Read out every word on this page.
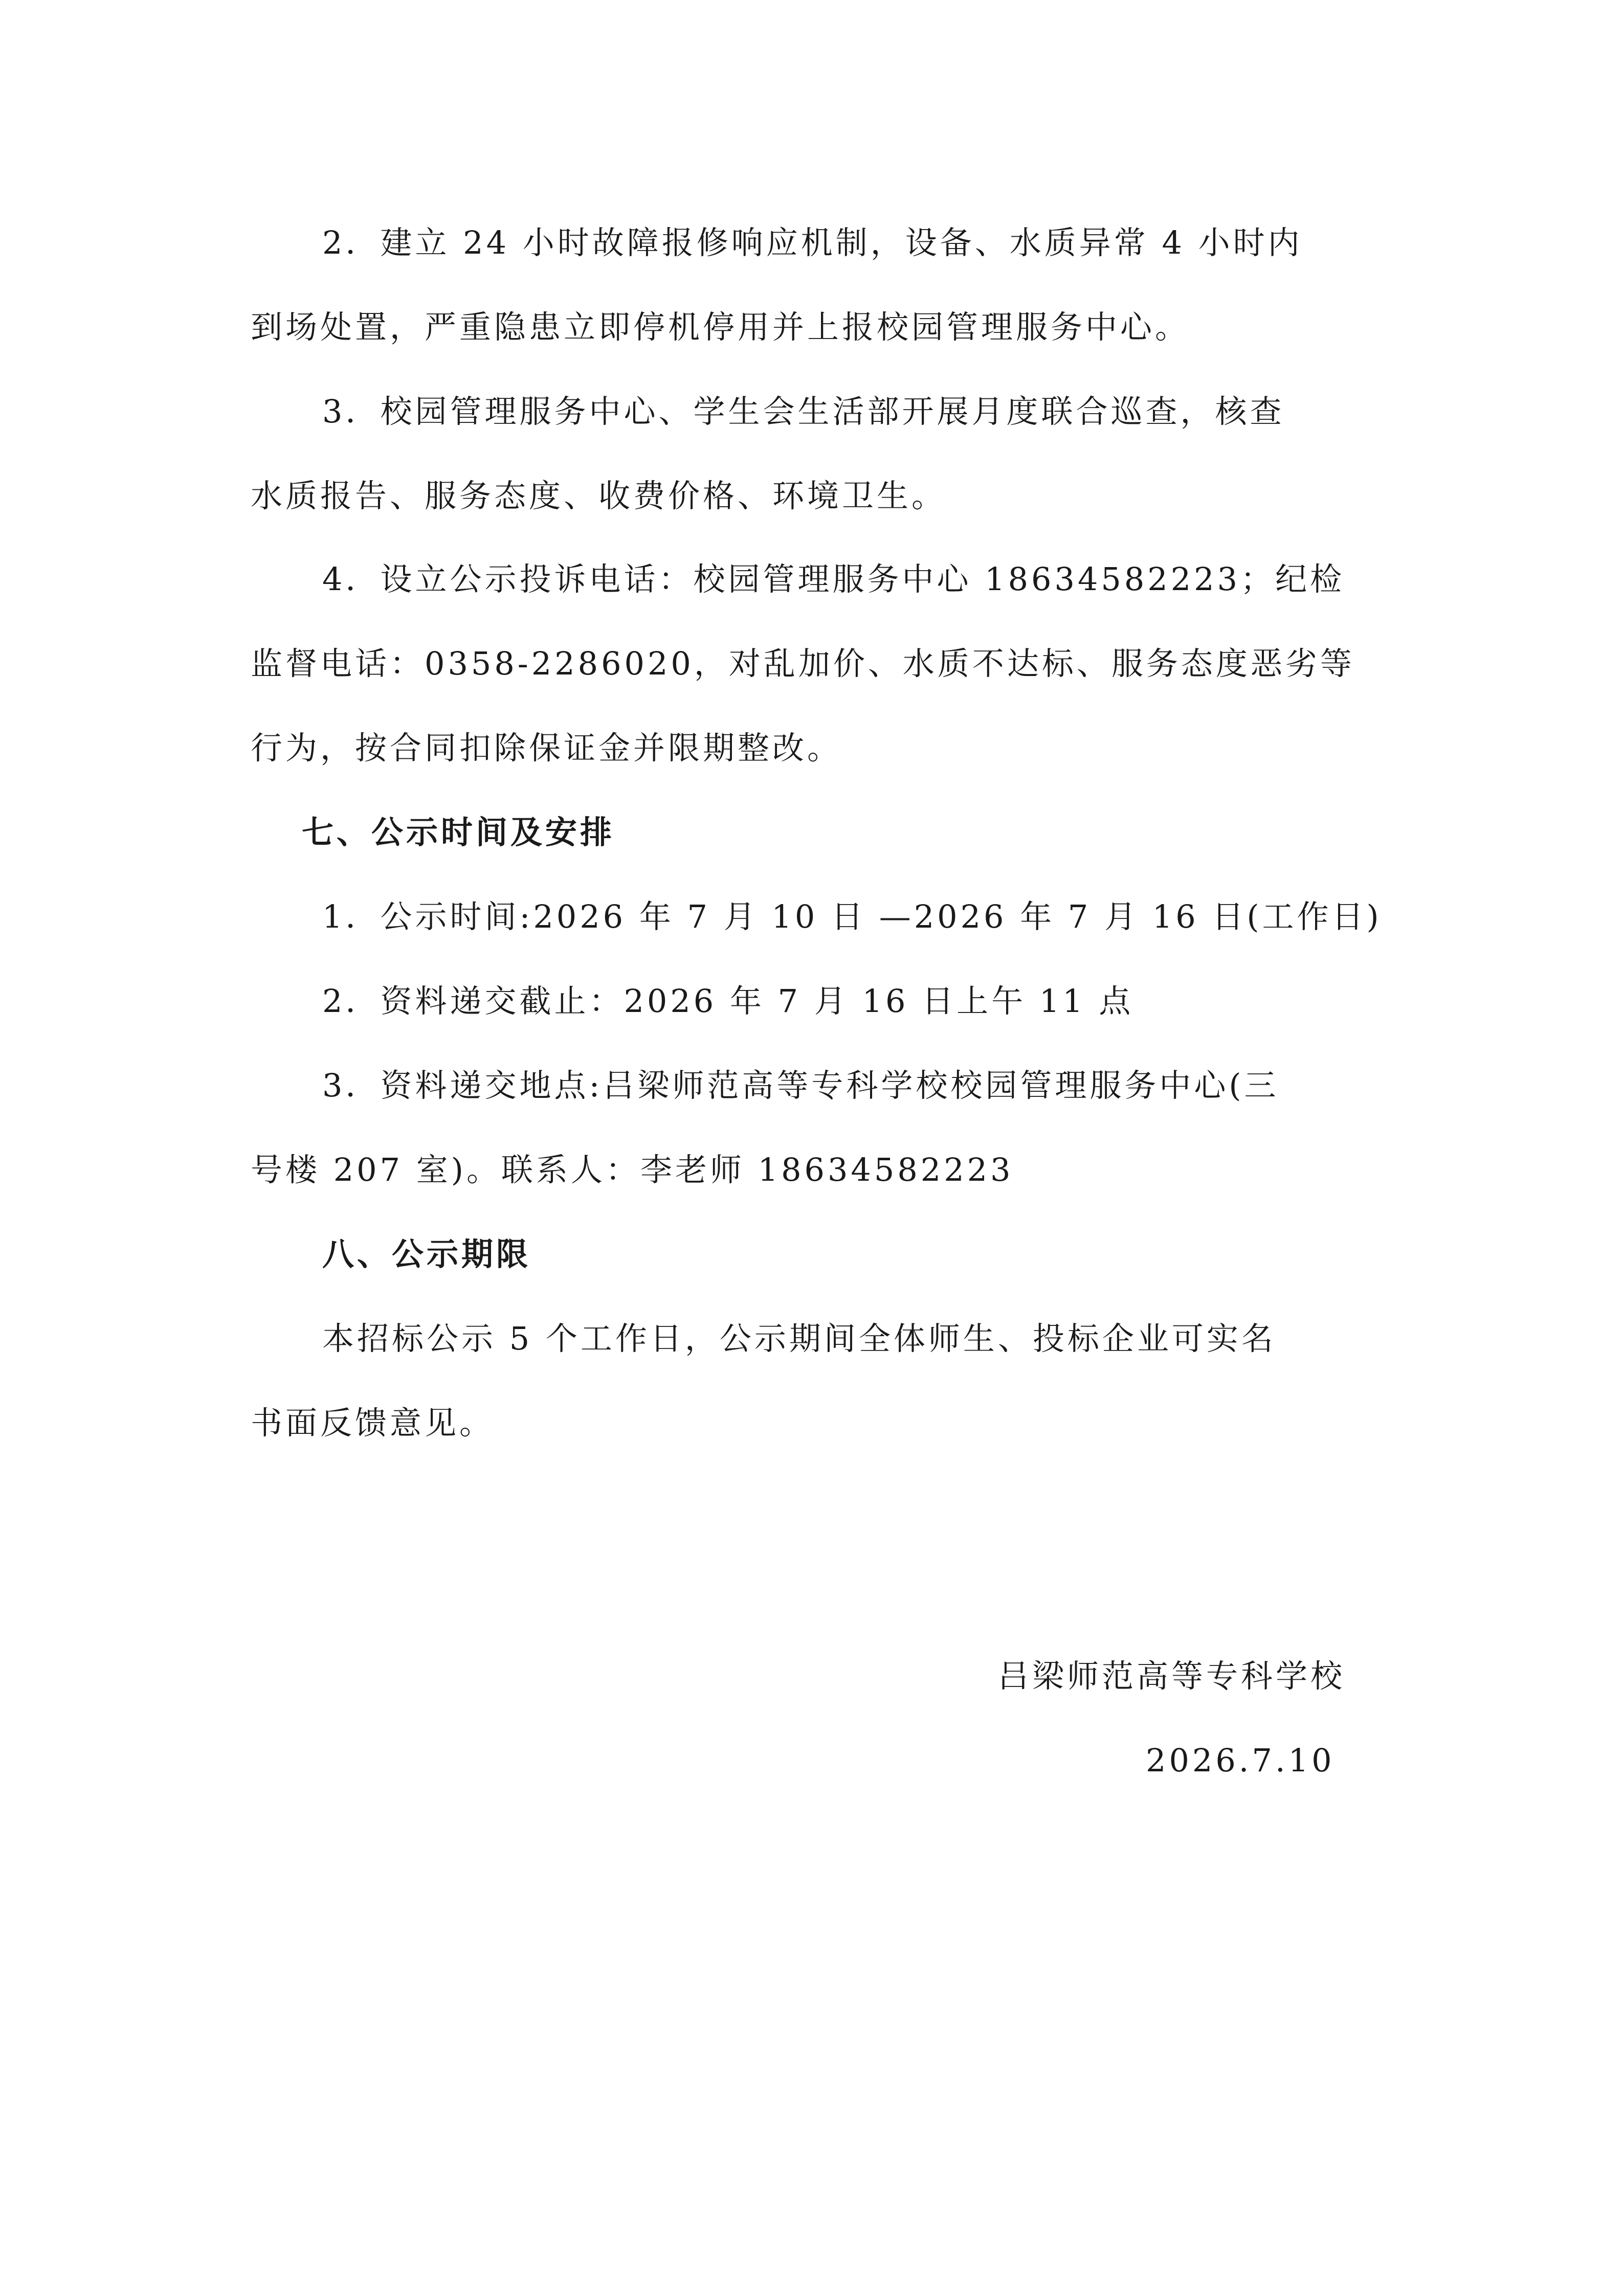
2．建立 24 小时故障报修响应机制，设备、水质异常 4 小时内
到场处置，严重隐患立即停机停用并上报校园管理服务中心。
3．校园管理服务中心、学生会生活部开展月度联合巡查，核查
水质报告、服务态度、收费价格、环境卫生。
4．设立公示投诉电话：校园管理服务中心 18634582223；纪检
监督电话：0358-2286020，对乱加价、水质不达标、服务态度恶劣等
行为，按合同扣除保证金并限期整改。
七、公示时间及安排
1．公示时间:2026 年 7 月 10 日 —2026 年 7 月 16 日(工作日)
2．资料递交截止：2026 年 7 月 16 日上午 11 点
3．资料递交地点:吕梁师范高等专科学校校园管理服务中心(三
号楼 207 室)。联系人：李老师 18634582223
八、公示期限
本招标公示 5 个工作日，公示期间全体师生、投标企业可实名
书面反馈意见。
吕梁师范高等专科学校
2026.7.10
